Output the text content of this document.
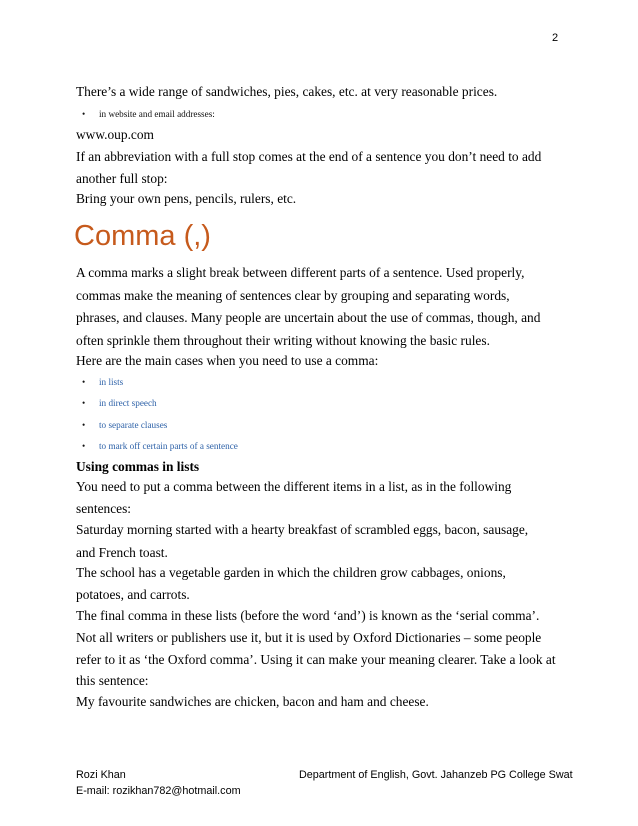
2
There’s a wide range of sandwiches, pies, cakes, etc. at very reasonable prices.
• in website and email addresses:
www.oup.com
If an abbreviation with a full stop comes at the end of a sentence you don’t need to add
another full stop:
Bring your own pens, pencils, rulers, etc.
Comma (,)
A comma marks a slight break between different parts of a sentence. Used properly,
commas make the meaning of sentences clear by grouping and separating words,
phrases, and clauses. Many people are uncertain about the use of commas, though, and
often sprinkle them throughout their writing without knowing the basic rules.
Here are the main cases when you need to use a comma:
• in lists
• in direct speech
• to separate clauses
• to mark off certain parts of a sentence
Using commas in lists
You need to put a comma between the different items in a list, as in the following
sentences:
Saturday morning started with a hearty breakfast of scrambled eggs, bacon, sausage,
and French toast.
The school has a vegetable garden in which the children grow cabbages, onions,
potatoes, and carrots.
The final comma in these lists (before the word ‘and’) is known as the ‘serial comma’.
Not all writers or publishers use it, but it is used by Oxford Dictionaries – some people
refer to it as ‘the Oxford comma’. Using it can make your meaning clearer. Take a look at
this sentence:
My favourite sandwiches are chicken, bacon and ham and cheese.
Rozi Khan	Department of English, Govt. Jahanzeb PG College Swat
E-mail: rozikhan782@hotmail.com
